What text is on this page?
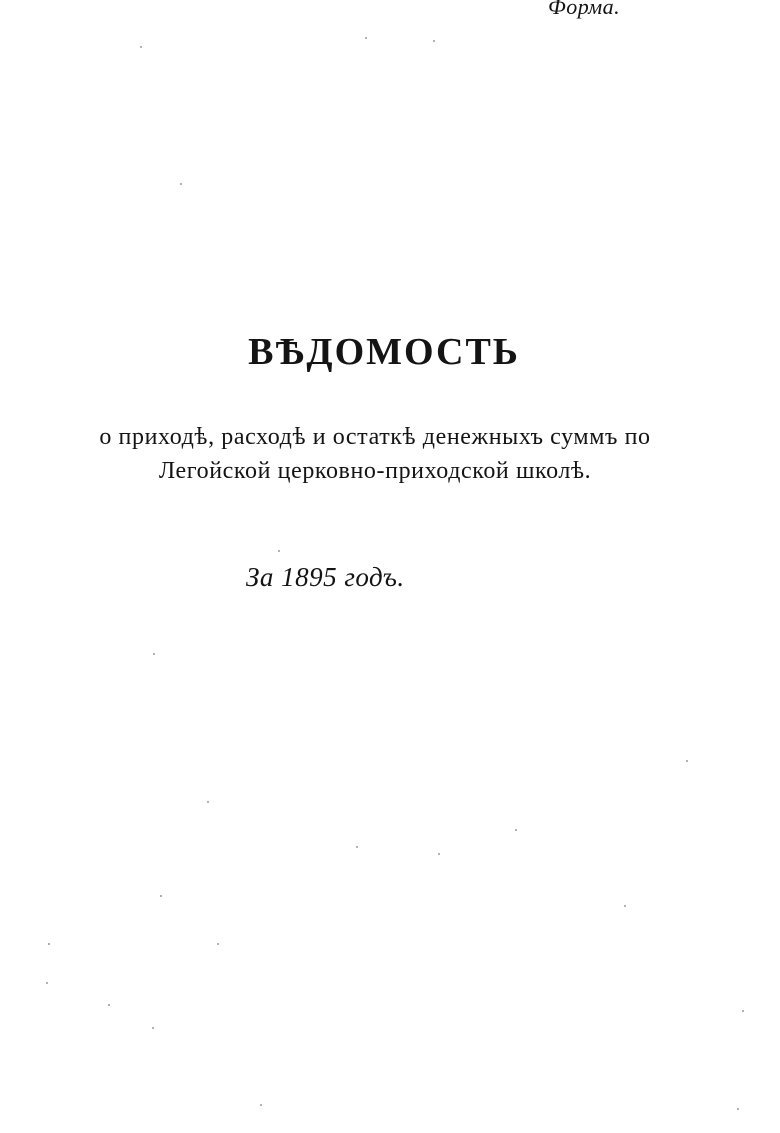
Форма.
ВѢДОМОСТЬ
о приходѣ, расходѣ и остаткѣ денежныхъ суммъ по
Легойской церковно-приходской школѣ.
За 1895 годъ.
